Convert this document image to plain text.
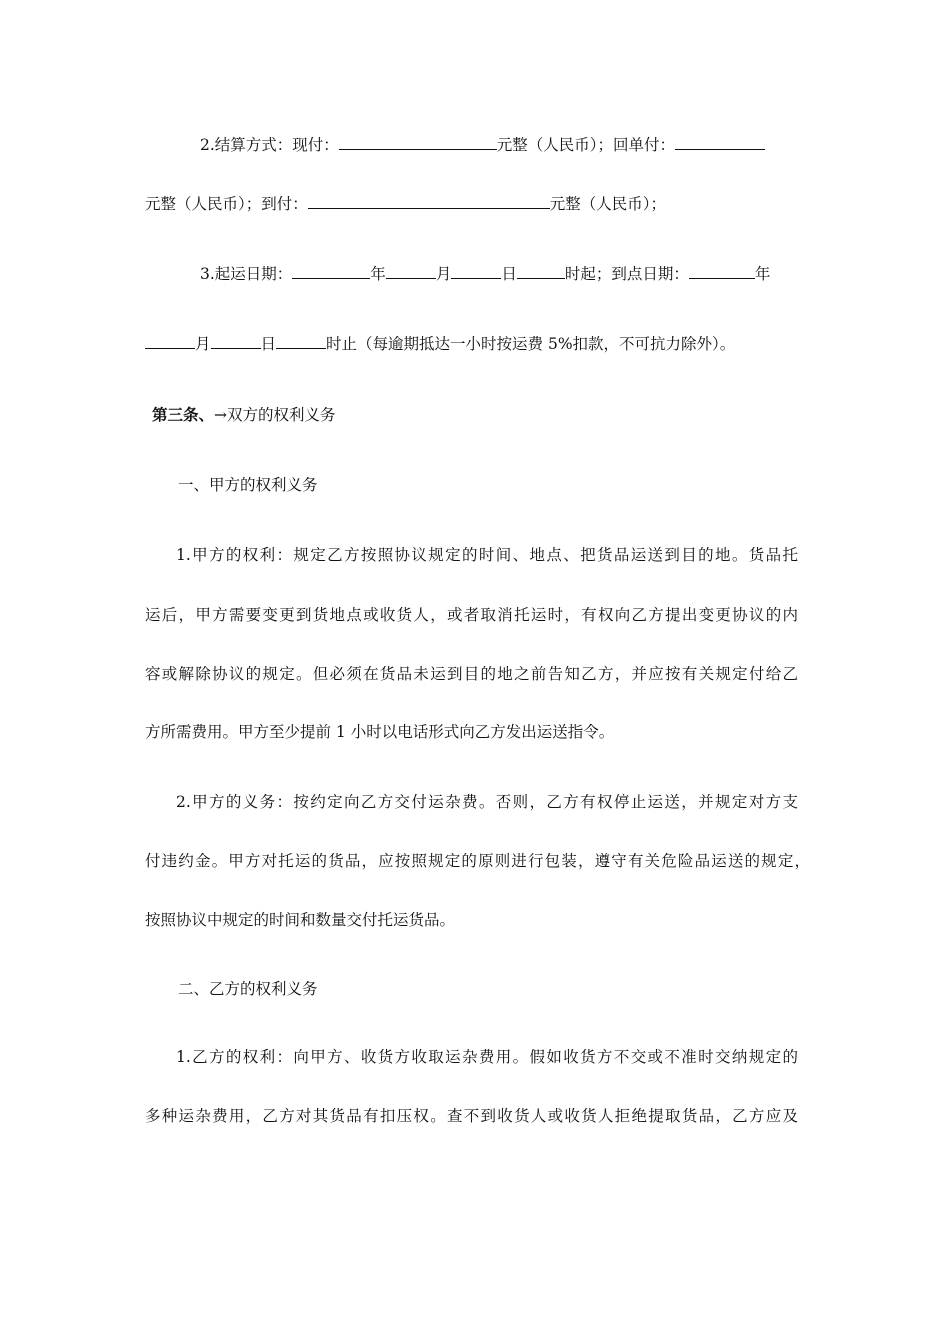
2.结算方式：现付：	元整（人民币）；回单付：
元整（人民币）；到付：	元整（人民币）；
3.起运日期：	年	月	日	时起；到点日期：	年
月	日	时止（每逾期抵达一小时按运费 5%扣款，不可抗力除外）。
第三条、→双方的权利义务
一、甲方的权利义务
1.甲方的权利：规定乙方按照协议规定的时间、地点、把货品运送到目的地。货品托
运后，甲方需要变更到货地点或收货人，或者取消托运时，有权向乙方提出变更协议的内
容或解除协议的规定。但必须在货品未运到目的地之前告知乙方，并应按有关规定付给乙
方所需费用。甲方至少提前 1 小时以电话形式向乙方发出运送指令。
2.甲方的义务：按约定向乙方交付运杂费。否则，乙方有权停止运送，并规定对方支
付违约金。甲方对托运的货品，应按照规定的原则进行包装，遵守有关危险品运送的规定，
按照协议中规定的时间和数量交付托运货品。
二、乙方的权利义务
1.乙方的权利：向甲方、收货方收取运杂费用。假如收货方不交或不准时交纳规定的
多种运杂费用，乙方对其货品有扣压权。查不到收货人或收货人拒绝提取货品，乙方应及
